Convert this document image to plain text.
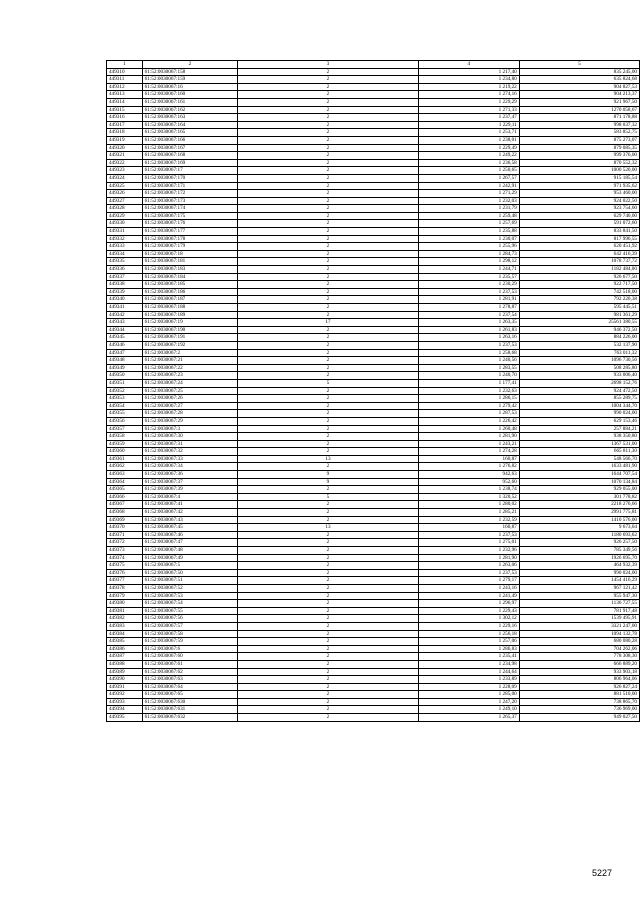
1	2	3	4	5
449310	61:52:0030067:158	2	1 217,40	835 245,00
449311	61:52:0030067:159	2	1 234,80	635 824,68
449312	61:52:0030067:16	2	1 219,22	904 827,53
449313	61:52:0030067:160	2	1 274,16	904 213,37
449314	61:52:0030067:161	2	1 229,29	921 967,50
449315	61:52:0030067:162	2	1 271,33	1270 058,67
449316	61:52:0030067:163	2	1 237,47	871 178,88
449317	61:52:0030067:164	2	1 229,11	998 037,32
449318	61:52:0030067:165	2	1 253,71	583 852,75
449319	61:52:0030067:166	2	1 238,01	875 273,07
449320	61:52:0030067:167	2	1 229,49	879 085,35
449321	61:52:0030067:168	2	1 249,22	999 376,00
449322	61:52:0030067:169	2	1 236,58	870 552,32
449323	61:52:0030067:17	2	1 250,65	1000 520,00
449324	61:52:0030067:170	2	1 267,57	915 185,54
449325	61:52:0030067:171	2	1 242,91	971 935,62
449326	61:52:0030067:172	2	1 271,29	953 460,00
449327	61:52:0030067:173	2	1 232,03	924 022,50
449328	61:52:0030067:174	2	1 231,79	923 754,60
449329	61:52:0030067:175	2	1 259,48	629 740,00
449330	61:52:0030067:176	2	1 257,69	591 072,60
449331	61:52:0030067:177	2	1 235,88	833 841,50
449332	61:52:0030067:178	2	1 230,07	817 996,55
449333	61:52:0030067:179	2	1 255,96	620 451,92
449334	61:52:0030067:18	2	1 284,73	642 416,39
449335	61:52:0030067:181	2	1 298,12	1078 737,72
449336	61:52:0030067:183	2	1 244,71	1182 484,00
449337	61:52:0030067:184	2	1 235,57	926 677,50
449338	61:52:0030067:185	2	1 230,29	922 717,50
449339	61:52:0030067:186	2	1 237,53	742 518,00
449340	61:52:0030067:187	2	1 281,91	792 220,38
449341	61:52:0030067:188	2	1 278,87	595 445,51
449342	61:52:0030067:189	2	1 237,54	981 361,29
449343	61:52:0030067:19	17	1 263,35	25561 380,55
449344	61:52:0030067:190	2	1 261,83	946 372,50
449345	61:52:0030067:191	2	1 263,16	884 226,00
449346	61:52:0030067:192	2	1 237,53	532 137,90
449347	61:52:0030067:2	2	1 258,68	763 011,32
449348	61:52:0030067:21	2	1 240,56	1096 730,56
449349	61:52:0030067:22	2	1 283,55	508 285,80
449350	61:52:0030067:23	2	1 240,70	933 006,40
449351	61:52:0030067:24	5	1 177,41	2698 152,76
449352	61:52:0030067:25	2	1 232,63	924 472,50
449353	61:52:0030067:26	2	1 286,15	855 289,75
449354	61:52:0030067:27	2	1 279,42	1004 344,70
449355	61:52:0030067:28	2	1 287,53	990 024,00
449356	61:52:0030067:29	2	1 226,42	629 153,46
449357	61:52:0030067:3	2	1 260,48	257 884,21
449358	61:52:0030067:30	2	1 281,90	938 350,80
449359	61:52:0030067:31	2	1 243,21	1367 531,00
449360	61:52:0030067:32	2	1 274,28	665 811,30
449361	61:52:0030067:33	13	160,87	548 566,70
449362	61:52:0030067:34	2	1 276,82	1633 481,90
449363	61:52:0030067:36	9	942,63	1644 707,54
449364	61:52:0030067:37	9	952,60	1070 134,84
449365	61:52:0030067:39	2	1 238,74	929 055,00
449366	61:52:0030067:4	5	1 320,52	301 778,82
449367	61:52:0030067:41	2	1 280,02	2218 276,66
449368	61:52:0030067:42	2	1 285,21	2991 775,81
449369	61:52:0030067:43	2	1 232,59	1410 576,00
449370	61:52:0030067:45	13	160,87	9 673,04
449371	61:52:0030067:46	2	1 237,53	1180 693,62
449372	61:52:0030067:47	2	1 275,01	926 257,50
449373	61:52:0030067:48	2	1 232,96	785 349,56
449374	61:52:0030067:49	2	1 281,90	1926 695,70
449375	61:52:0030067:5	2	1 263,06	464 932,39
449376	61:52:0030067:50	2	1 237,53	990 024,00
449377	61:52:0030067:51	2	1 279,17	1454 416,29
449378	61:52:0030067:52	2	1 243,16	967 121,42
449379	61:52:0030067:53	2	1 241,49	955 947,30
449380	61:52:0030067:54	2	1 296,97	1136 727,55
449381	61:52:0030067:55	2	1 229,43	781 917,48
449382	61:52:0030067:56	2	1 302,12	1539 495,91
449383	61:52:0030067:57	2	1 229,16	3321 247,00
449384	61:52:0030067:58	2	1 256,18	1094 132,78
449385	61:52:0030067:59	2	1 257,06	680 080,28
449386	61:52:0030067:6	2	1 286,83	704 262,06
449387	61:52:0030067:60	2	1 235,41	778 308,30
449388	61:52:0030067:61	2	1 234,98	666 889,20
449389	61:52:0030067:62	2	1 244,64	933 903,18
449390	61:52:0030067:63	2	1 233,89	806 964,06
449391	61:52:0030067:64	2	1 228,09	926 827,24
449392	61:52:0030067:65	2	1 285,00	881 510,00
449393	61:52:0030067:630	2	1 247,20	738 865,70
449394	61:52:0030067:631	2	1 249,10	736 969,00
449395	61:52:0030067:632	2	1 265,37	949 027,50
5227
